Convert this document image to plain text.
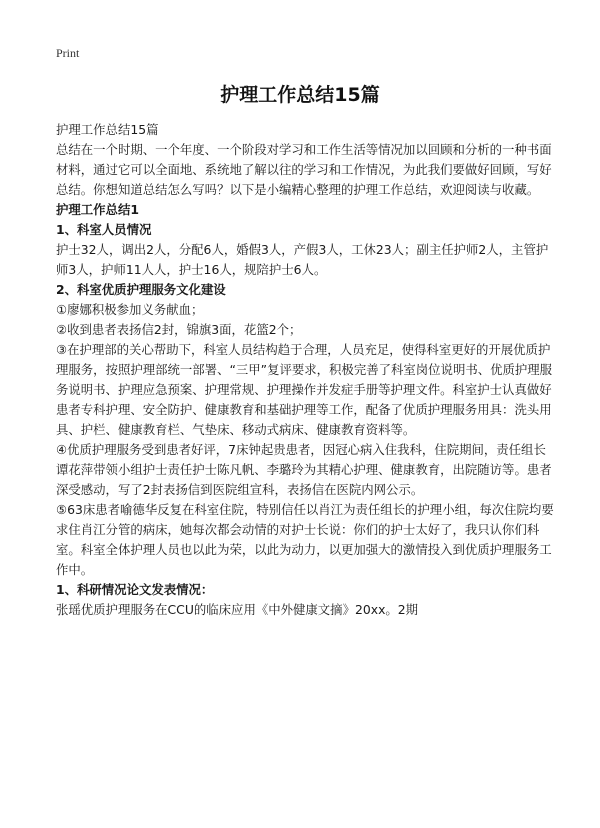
Print
护理工作总结15篇

护理工作总结15篇

总结在一个时期、一个年度、一个阶段对学习和工作生活等情况加以回顾和分析的一种书面材料，通过它可以全面地、系统地了解以往的学习和工作情况，为此我们要做好回顾，写好总结。你想知道总结怎么写吗？以下是小编精心整理的护理工作总结，欢迎阅读与收藏。

护理工作总结1

1、科室人员情况

护士32人，调出2人，分配6人，婚假3人，产假3人，工休23人；副主任护师2人，主管护师3人，护师11人人，护士16人，规陪护士6人。

2、科室优质护理服务文化建设

①廖娜积极参加义务献血；

②收到患者表扬信2封，锦旗3面，花篮2个；

③在护理部的关心帮助下，科室人员结构趋于合理，人员充足，使得科室更好的开展优质护理服务，按照护理部统一部署、“三甲”复评要求，积极完善了科室岗位说明书、优质护理服务说明书、护理应急预案、护理常规、护理操作并发症手册等护理文件。科室护士认真做好患者专科护理、安全防护、健康教育和基础护理等工作，配备了优质护理服务用具：洗头用具、护栏、健康教育栏、气垫床、移动式病床、健康教育资料等。

④优质护理服务受到患者好评，7床钟起贵患者，因冠心病入住我科，住院期间，责任组长谭花萍带领小组护士责任护士陈凡帆、李璐玲为其精心护理、健康教育，出院随访等。患者深受感动，写了2封表扬信到医院组宣科，表扬信在医院内网公示。

⑤63床患者喻德华反复在科室住院，特别信任以肖江为责任组长的护理小组，每次住院均要求住肖江分管的病床，她每次都会动情的对护士长说：你们的护士太好了，我只认你们科室。科室全体护理人员也以此为荣，以此为动力，以更加强大的激情投入到优质护理服务工作中。

1、科研情况论文发表情况：

张瑶优质护理服务在CCU的临床应用《中外健康文摘》20xx。2期
